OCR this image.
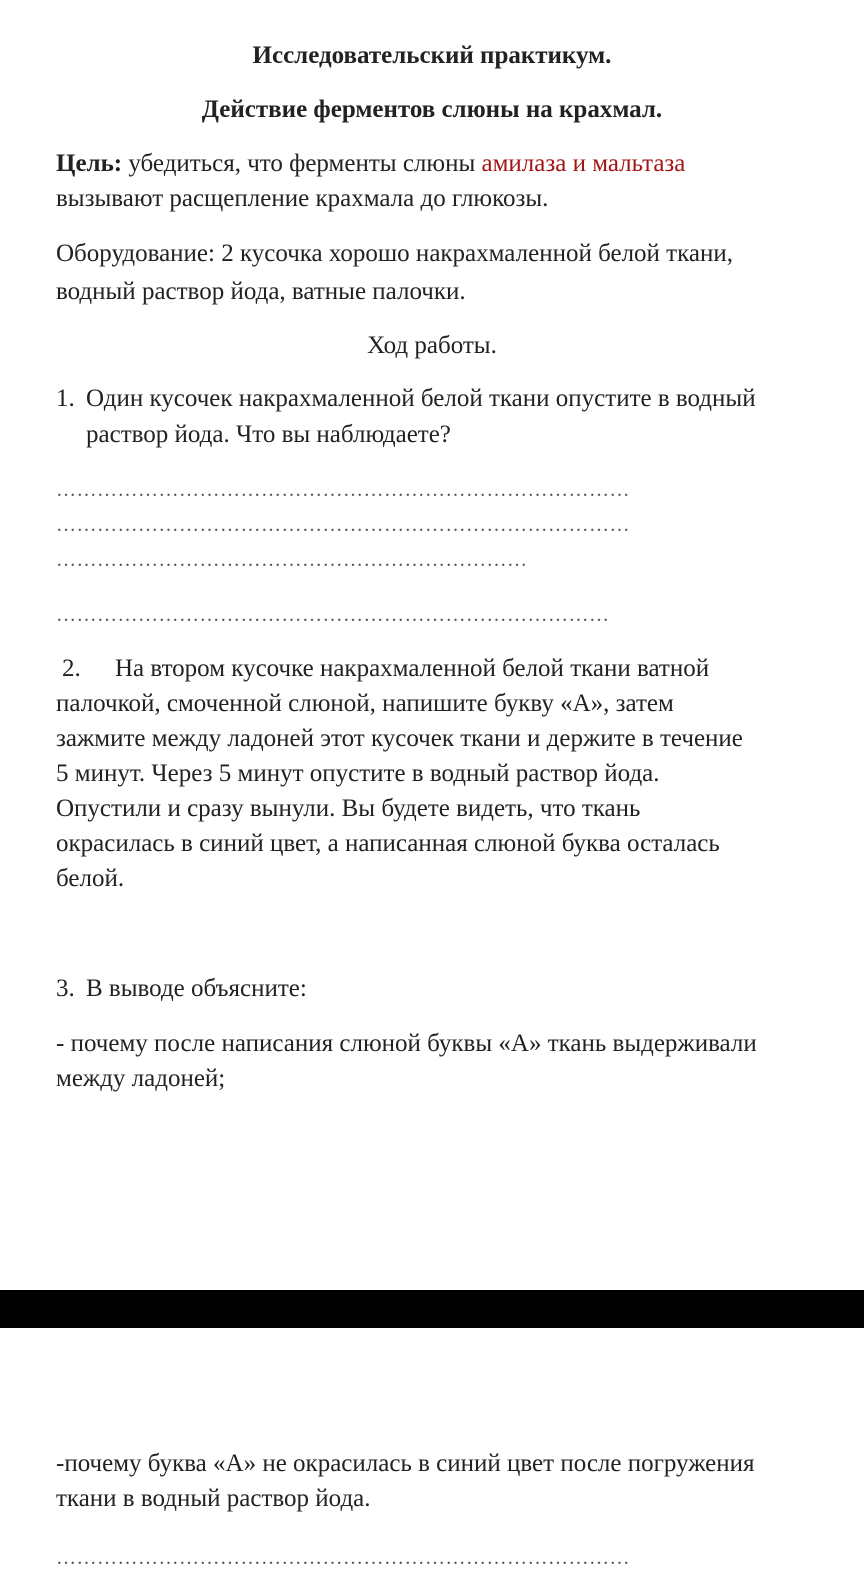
Исследовательский практикум.
Действие ферментов слюны на крахмал.
Цель: убедиться, что ферменты слюны амилаза и мальтаза
вызывают расщепление крахмала до глюкозы.
Оборудование: 2 кусочка хорошо накрахмаленной белой ткани,
водный раствор йода, ватные палочки.
Ход работы.
1. Один кусочек накрахмаленной белой ткани опустите в водный
раствор йода. Что вы наблюдаете?
…………………………………………………………………………
…………………………………………………………………………
……………………………………………………………
………………………………………………………………………
2. На втором кусочке накрахмаленной белой ткани ватной
палочкой, смоченной слюной, напишите букву «А», затем
зажмите между ладоней этот кусочек ткани и держите в течение
5 минут. Через 5 минут опустите в водный раствор йода.
Опустили и сразу вынули. Вы будете видеть, что ткань
окрасилась в синий цвет, а написанная слюной буква осталась
белой.
3. В выводе объясните:
- почему после написания слюной буквы «А» ткань выдерживали
между ладоней;
-почему буква «А» не окрасилась в синий цвет после погружения
ткани в водный раствор йода.
…………………………………………………………………………
